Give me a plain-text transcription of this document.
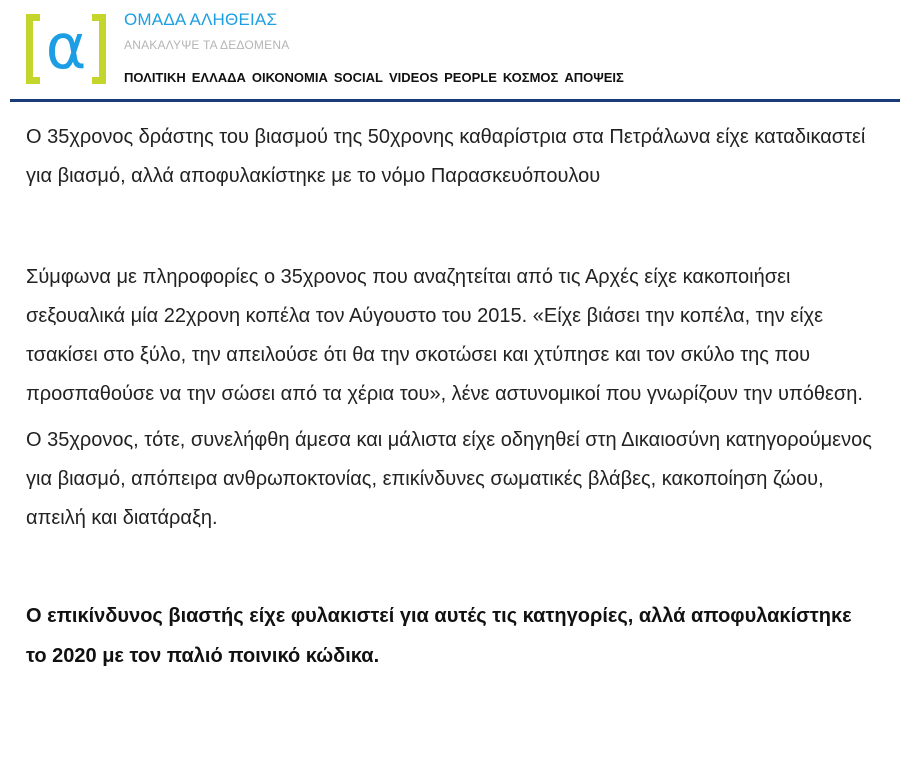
α	ΟΜΑΔΑ ΑΛΗΘΕΙΑΣ
ΑΝΑΚΑΛΥΨΕ ΤΑ ΔΕΔΟΜΕΝΑ
ΠΟΛΙΤΙΚΗ ΕΛΛΑΔΑ ΟΙΚΟΝΟΜΙΑ SOCIAL VIDEOS PEOPLE ΚΟΣΜΟΣ ΑΠΟΨΕΙΣ

Ο 35χρονος δράστης του βιασμού της 50χρονης καθαρίστρια στα Πετράλωνα είχε καταδικαστεί για βιασμό, αλλά αποφυλακίστηκε με το νόμο Παρασκευόπουλου

Σύμφωνα με πληροφορίες ο 35χρονος που αναζητείται από τις Αρχές είχε κακοποιήσει σεξουαλικά μία 22χρονη κοπέλα τον Αύγουστο του 2015. «Είχε βιάσει την κοπέλα, την είχε τσακίσει στο ξύλο, την απειλούσε ότι θα την σκοτώσει και χτύπησε και τον σκύλο της που προσπαθούσε να την σώσει από τα χέρια του», λένε αστυνομικοί που γνωρίζουν την υπόθεση.

Ο 35χρονος, τότε, συνελήφθη άμεσα και μάλιστα είχε οδηγηθεί στη Δικαιοσύνη κατηγορούμενος για βιασμό, απόπειρα ανθρωποκτονίας, επικίνδυνες σωματικές βλάβες, κακοποίηση ζώου, απειλή και διατάραξη.

Ο επικίνδυνος βιαστής είχε φυλακιστεί για αυτές τις κατηγορίες, αλλά αποφυλακίστηκε το 2020 με τον παλιό ποινικό κώδικα.
